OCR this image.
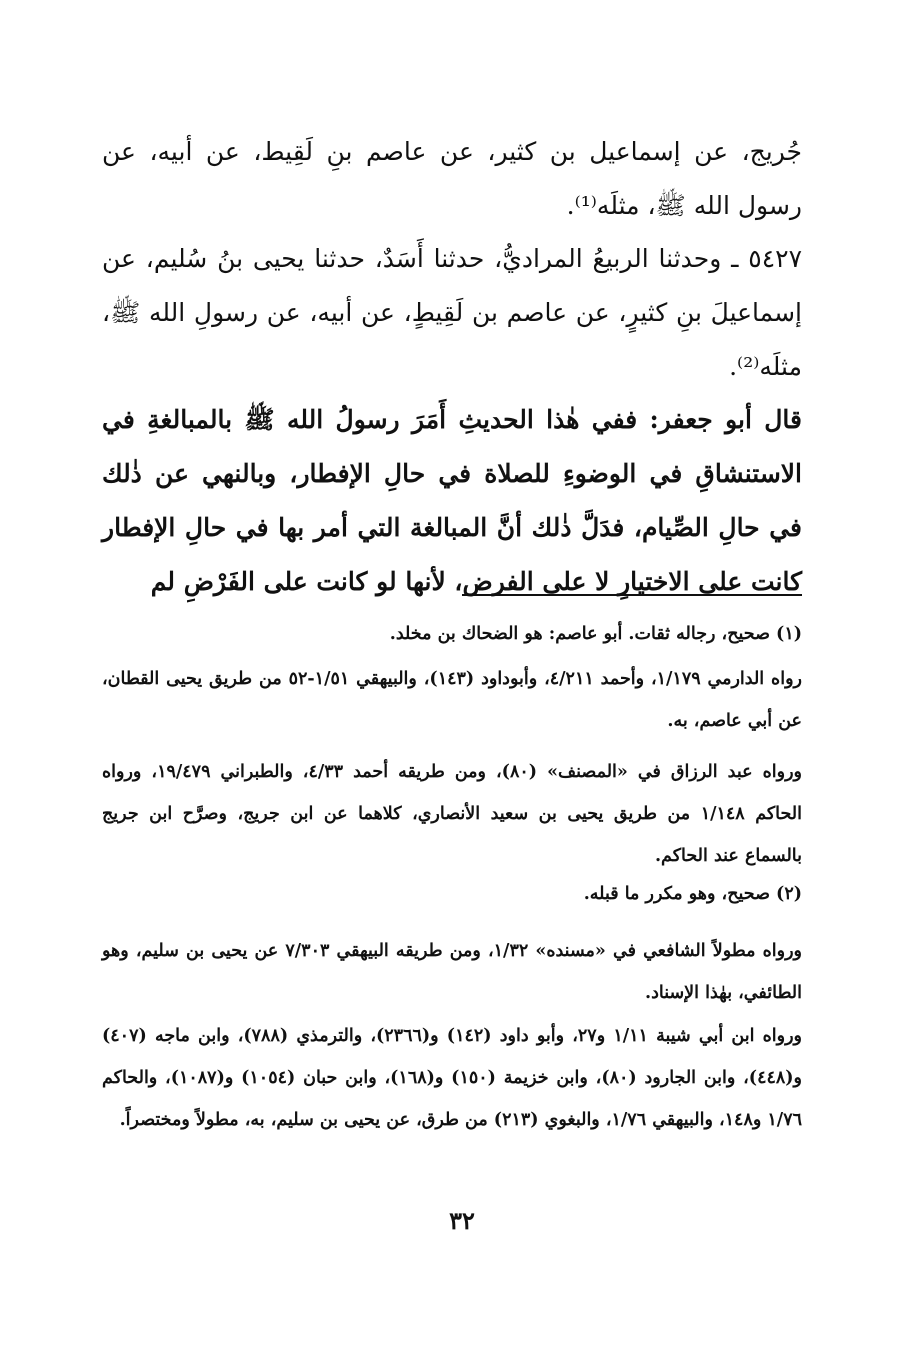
جُريج، عن إسماعيل بن كثير، عن عاصم بنِ لَقِيط، عن أبيه، عن رسول الله ﷺ، مثلَه⁽¹⁾.

٥٤٢٧ ـ وحدثنا الربيعُ المراديُّ، حدثنا أَسَدٌ، حدثنا يحيى بنُ سُليم، عن إسماعيلَ بنِ كثيرٍ، عن عاصم بن لَقِيطٍ، عن أبيه، عن رسولِ الله ﷺ، مثلَه⁽²⁾.

قال أبو جعفر: ففي هٰذا الحديثِ أَمَرَ رسولُ الله ﷺ بالمبالغةِ في الاستنشاقِ في الوضوءِ للصلاة في حالِ الإفطار، وبالنهي عن ذٰلك في حالِ الصِّيام، فدَلَّ ذٰلك أنَّ المبالغة التي أمر بها في حالِ الإفطار كانت على الاختيارِ لا على الفرض، لأنها لو كانت على الفَرْضِ لم

(١) صحيح، رجاله ثقات. أبو عاصم: هو الضحاك بن مخلد.

رواه الدارمي ١/١٧٩، وأحمد ٤/٢١١، وأبوداود (١٤٣)، والبيهقي ١/٥١-٥٢ من طريق يحيى القطان، عن أبي عاصم، به.

ورواه عبد الرزاق في «المصنف» (٨٠)، ومن طريقه أحمد ٤/٣٣، والطبراني ١٩/٤٧٩، ورواه الحاكم ١/١٤٨ من طريق يحيى بن سعيد الأنصاري، كلاهما عن ابن جريج، وصرَّح ابن جريج بالسماع عند الحاكم.

(٢) صحيح، وهو مكرر ما قبله.

ورواه مطولاً الشافعي في «مسنده» ١/٣٢، ومن طريقه البيهقي ٧/٣٠٣ عن يحيى بن سليم، وهو الطائفي، بهٰذا الإسناد.

ورواه ابن أبي شيبة ١/١١ و٢٧، وأبو داود (١٤٢) و(٢٣٦٦)، والترمذي (٧٨٨)، وابن ماجه (٤٠٧) و(٤٤٨)، وابن الجارود (٨٠)، وابن خزيمة (١٥٠) و(١٦٨)، وابن حبان (١٠٥٤) و(١٠٨٧)، والحاكم ١/٧٦ و١٤٨، والبيهقي ١/٧٦، والبغوي (٢١٣) من طرق، عن يحيى بن سليم، به، مطولاً ومختصراً.

٣٢
